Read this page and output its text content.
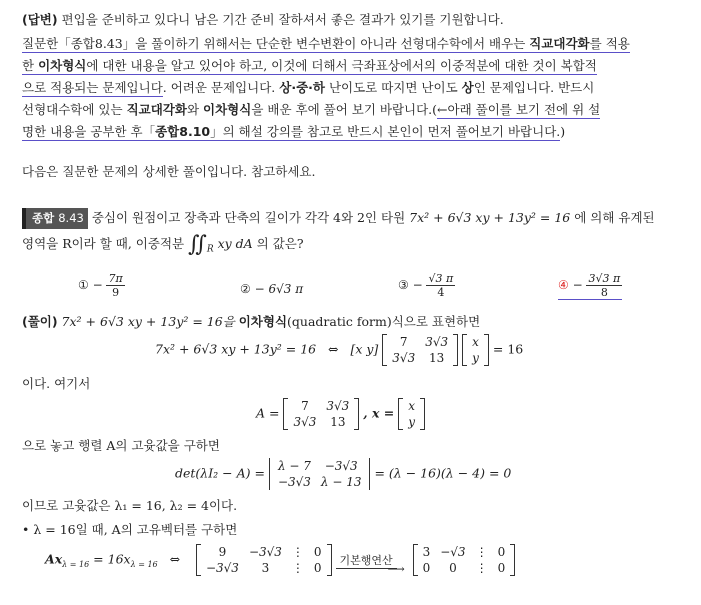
(답변) 편입을 준비하고 있다니 남은 기간 준비 잘하셔서 좋은 결과가 있기를 기원합니다.
질문한「종합8.43」을 풀이하기 위해서는 단순한 변수변환이 아니라 선형대수학에서 배우는 직교대각화를 적용
한 이차형식에 대한 내용을 알고 있어야 하고, 이것에 더해서 극좌표상에서의 이중적분에 대한 것이 복합적
으로 적용되는 문제입니다. 어려운 문제입니다. 상·중·하 난이도로 따지면 난이도 상인 문제입니다. 반드시
선형대수학에 있는 직교대각화와 이차형식을 배운 후에 풀어 보기 바랍니다.(←아래 풀이를 보기 전에 위 설
명한 내용을 공부한 후「종합8.10」의 해설 강의를 참고로 반드시 본인이 먼저 풀어보기 바랍니다.)
다음은 질문한 문제의 상세한 풀이입니다. 참고하세요.
종합 8.43 중심이 원점이고 장축과 단축의 길이가 각각 4와 2인 타원 7x² + 6√3 xy + 13y² = 16 에 의해 유계된
영역을 R이라 할 때, 이중적분 $∬_R$ xy dA 의 값은?
① − $\frac{7\pi}{9}$	② − 6√3 π	③ − $\frac{√3 \pi}{4}$	④ − $\frac{3√3 \pi}{8}$
(풀이) 7x² + 6√3 xy + 13y² = 16을 이차형식(quadratic form)식으로 표현하면
7x² + 6√3 xy + 13y² = 16 ⇔ [x y] 7	3√3
3√3	13

x
y
= 16
이다. 여기서
A = 7	3√3
3√3	13
, x = x
y
으로 놓고 행렬 A의 고윳값을 구하면
det(λI₂ − A) = λ − 7	−3√3
−3√3	λ − 13
= (λ − 16)(λ − 4) = 0
이므로 고윳값은 λ₁ = 16, λ₂ = 4이다.
• λ = 16일 때, A의 고유벡터를 구하면
$Ax_{\lambda = 16} = 16x_{\lambda = 16}$ ⇔	9	−3√3	⋮	0
−3√3	3	⋮	0

기본행연산 ⟶

3	−√3	⋮	0
0	0	⋮	0
